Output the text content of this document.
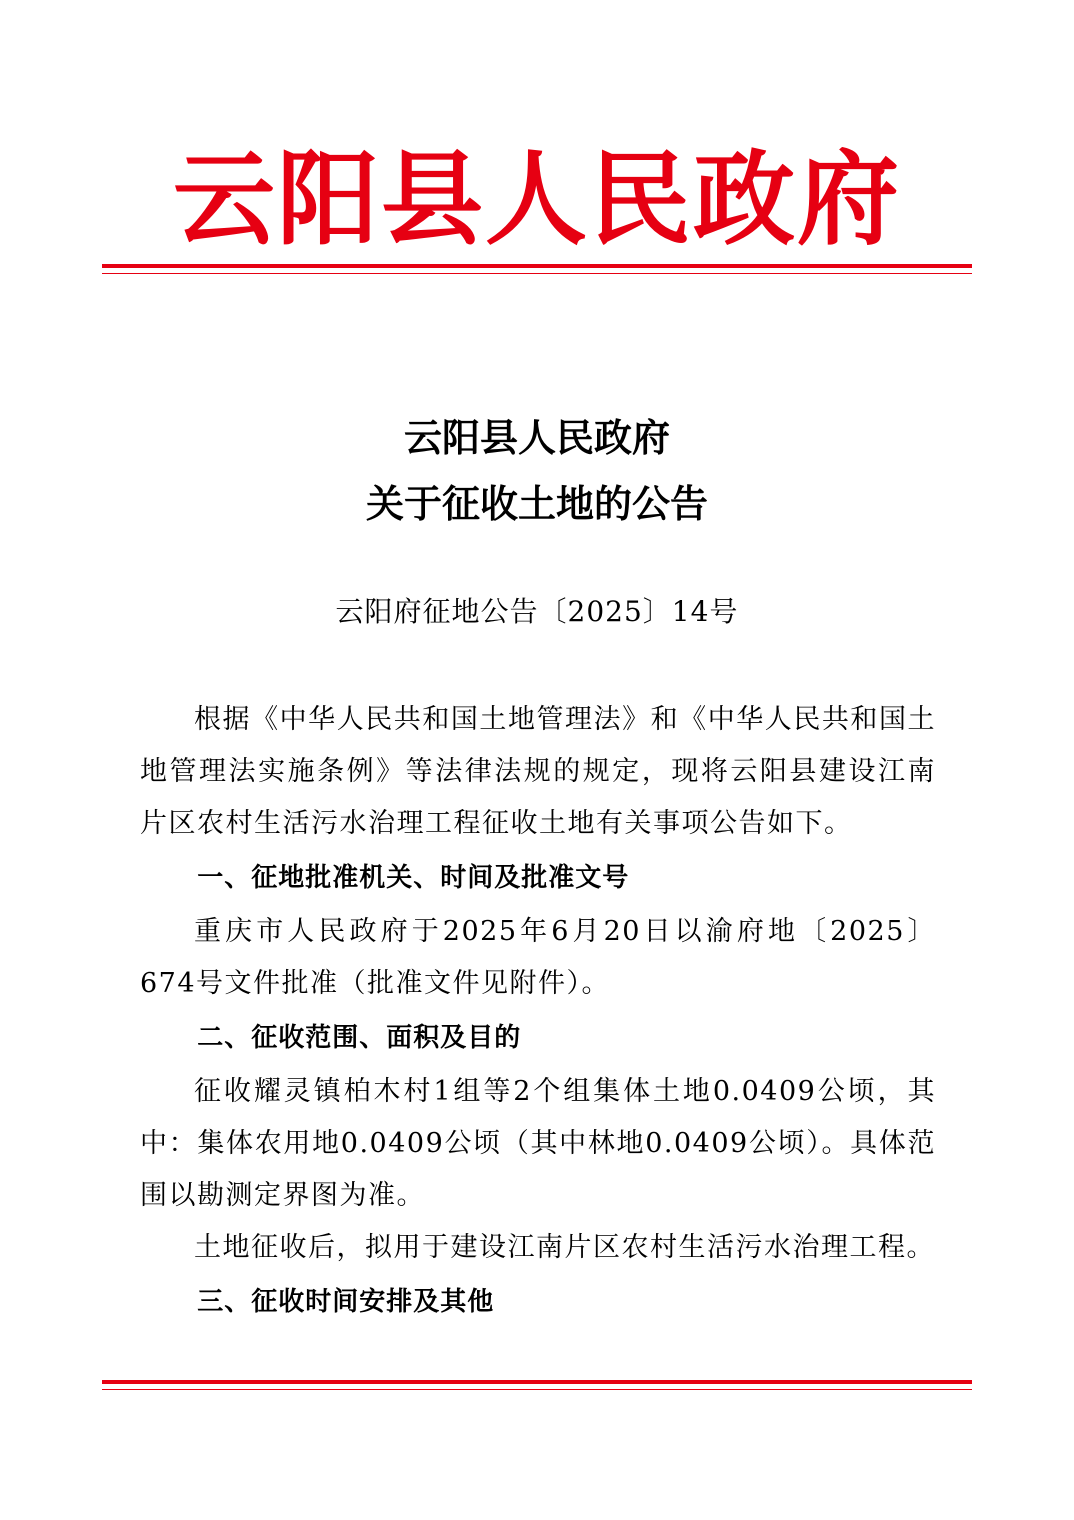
云阳县人民政府
云阳县人民政府
关于征收土地的公告
云阳府征地公告〔2025〕14号

根据《中华人民共和国土地管理法》和《中华人民共和国土地管理法实施条例》等法律法规的规定，现将云阳县建设江南片区农村生活污水治理工程征收土地有关事项公告如下。

一、征地批准机关、时间及批准文号

重庆市人民政府于2025年6月20日以渝府地〔2025〕674号文件批准（批准文件见附件）。

二、征收范围、面积及目的

征收耀灵镇柏木村1组等2个组集体土地0.0409公顷，其中：集体农用地0.0409公顷（其中林地0.0409公顷）。具体范围以勘测定界图为准。

土地征收后，拟用于建设江南片区农村生活污水治理工程。

三、征收时间安排及其他
